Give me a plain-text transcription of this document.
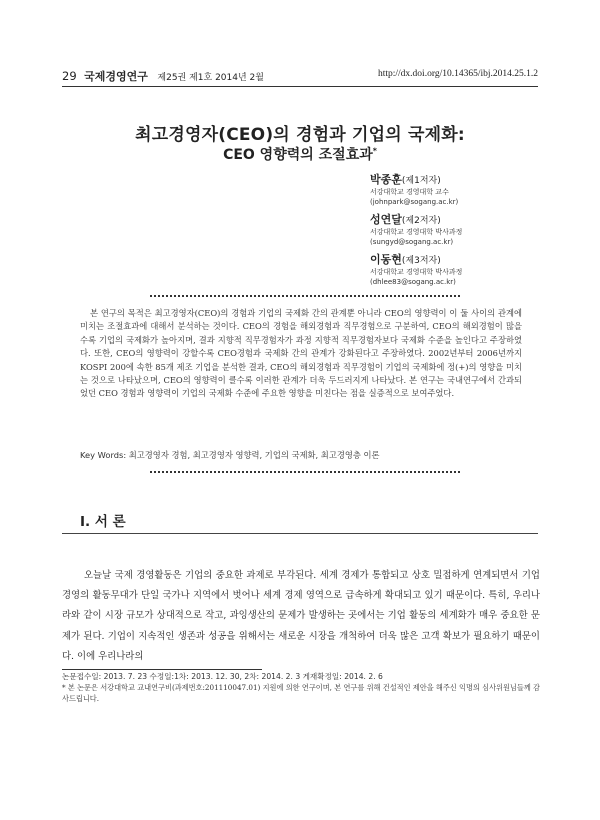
29 국제경영연구 제25권 제1호 2014년 2월	http://dx.doi.org/10.14365/ibj.2014.25.1.2
최고경영자(CEO)의 경험과 기업의 국제화:
CEO 영향력의 조절효과*
박종훈(제1저자)
서강대학교 경영대학 교수
(johnpark@sogang.ac.kr)
성연달(제2저자)
서강대학교 경영대학 박사과정
(sungyd@sogang.ac.kr)
이동현(제3저자)
서강대학교 경영대학 박사과정
(dhlee83@sogang.ac.kr)
본 연구의 목적은 최고경영자(CEO)의 경험과 기업의 국제화 간의 관계뿐 아니라 CEO의 영향력이 이 둘 사이의 관계에 미치는 조절효과에 대해서 분석하는 것이다. CEO의 경험을 해외경험과 직무경험으로 구분하여, CEO의 해외경험이 많을수록 기업의 국제화가 높아지며, 결과 지향적 직무경험자가 과정 지향적 직무경험자보다 국제화 수준을 높인다고 주장하였다. 또한, CEO의 영향력이 강할수록 CEO경험과 국제화 간의 관계가 강화된다고 주장하였다. 2002년부터 2006년까지 KOSPI 200에 속한 85개 제조 기업을 분석한 결과, CEO의 해외경험과 직무경험이 기업의 국제화에 정(+)의 영향을 미치는 것으로 나타났으며, CEO의 영향력이 클수록 이러한 관계가 더욱 두드러지게 나타났다. 본 연구는 국내연구에서 간과되었던 CEO 경험과 영향력이 기업의 국제화 수준에 주요한 영향을 미친다는 점을 실증적으로 보여주었다.
Key Words: 최고경영자 경험, 최고경영자 영향력, 기업의 국제화, 최고경영층 이론
Ⅰ. 서 론
오늘날 국제 경영활동은 기업의 중요한 과제로 부각된다. 세계 경제가 통합되고 상호 밀접하게 연계되면서 기업경영의 활동무대가 단일 국가나 지역에서 벗어나 세계 경제 영역으로 급속하게 확대되고 있기 때문이다. 특히, 우리나라와 같이 시장 규모가 상대적으로 작고, 과잉생산의 문제가 발생하는 곳에서는 기업 활동의 세계화가 매우 중요한 문제가 된다. 기업이 지속적인 생존과 성공을 위해서는 새로운 시장을 개척하여 더욱 많은 고객 확보가 필요하기 때문이다. 이에 우리나라의
논문접수일: 2013. 7. 23 수정일:1차: 2013. 12. 30, 2차: 2014. 2. 3 게재확정일: 2014. 2. 6
* 본 논문은 서강대학교 교내연구비(과제번호:201110047.01) 지원에 의한 연구이며, 본 연구를 위해 건설적인 제안을 해주신 익명의 심사위원님들께 감사드립니다.
